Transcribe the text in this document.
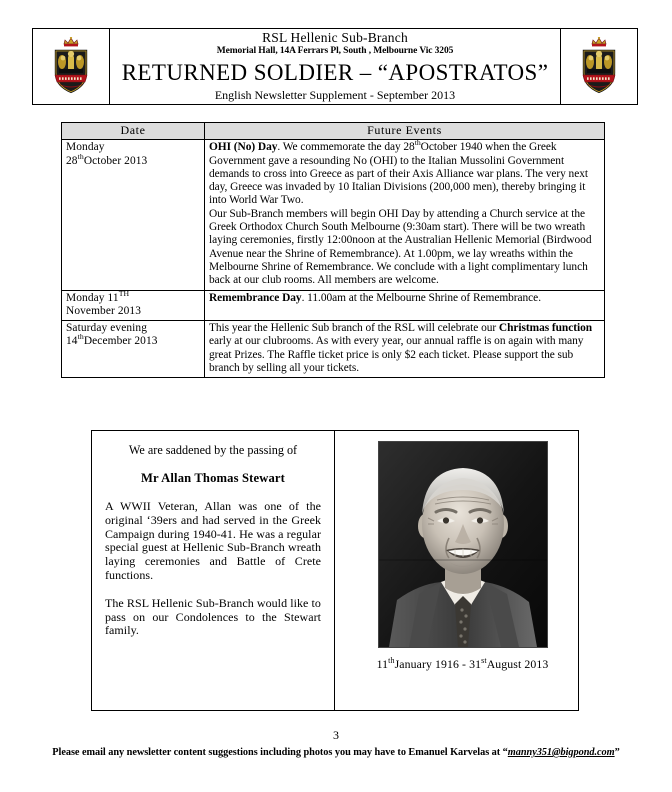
RSL Hellenic Sub-Branch
Memorial Hall, 14A Ferrars Pl, South , Melbourne Vic 3205
RETURNED SOLDIER – “APOSTRATOS”
English Newsletter Supplement - September 2013
Date	Future Events
Monday
28thOctober 2013	OHI (No) Day. We commemorate the day 28thOctober 1940 when the Greek Government gave a resounding No (OHI) to the Italian Mussolini Government demands to cross into Greece as part of their Axis Alliance war plans. The very next day, Greece was invaded by 10 Italian Divisions (200,000 men), thereby bringing it into World War Two.
Our Sub-Branch members will begin OHI Day by attending a Church service at the Greek Orthodox Church South Melbourne (9:30am start). There will be two wreath laying ceremonies, firstly 12:00noon at the Australian Hellenic Memorial (Birdwood Avenue near the Shrine of Remembrance). At 1.00pm, we lay wreaths within the Melbourne Shrine of Remembrance. We conclude with a light complimentary lunch back at our club rooms. All members are welcome.
Monday 11TH
November 2013	Remembrance Day. 11.00am at the Melbourne Shrine of Remembrance.
Saturday evening
14thDecember 2013	This year the Hellenic Sub branch of the RSL will celebrate our Christmas function early at our clubrooms. As with every year, our annual raffle is on again with many great Prizes. The Raffle ticket price is only $2 each ticket. Please support the sub branch by selling all your tickets.
We are saddened by the passing of
Mr Allan Thomas Stewart

A WWII Veteran, Allan was one of the original ‘39ers and had served in the Greek Campaign during 1940-41. He was a regular special guest at Hellenic Sub-Branch wreath laying ceremonies and Battle of Crete functions.

The RSL Hellenic Sub-Branch would like to pass on our Condolences to the Stewart family.

11thJanuary 1916 - 31stAugust 2013
3
Please email any newsletter content suggestions including photos you may have to Emanuel Karvelas at “manny351@bigpond.com”
